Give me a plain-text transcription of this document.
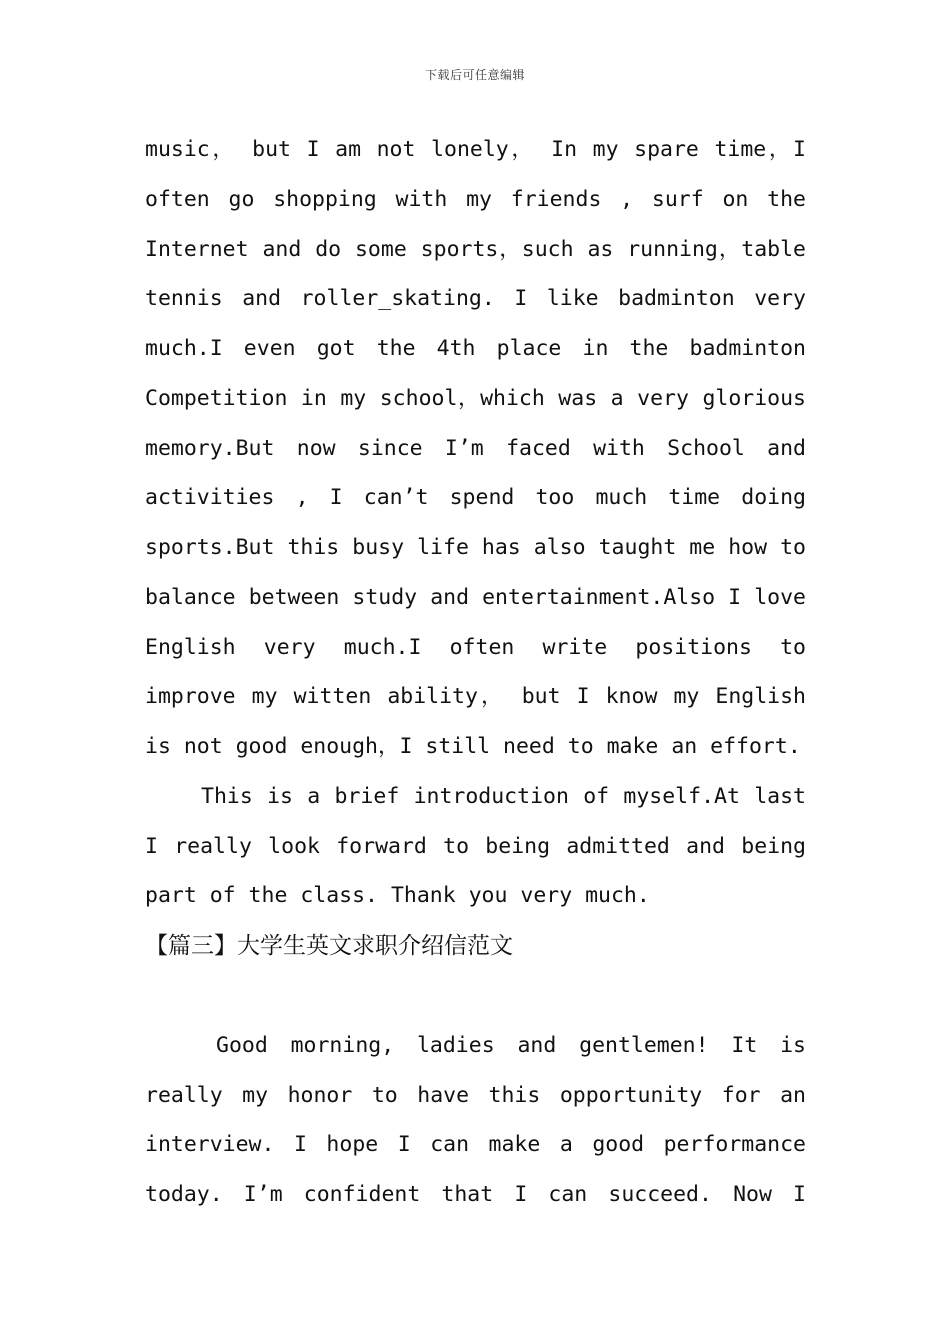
下载后可任意编辑
music， but I am not lonely， In my spare time，I
often go shopping with my friends , surf on the
Internet and do some sports，such as running，table
tennis and roller_skating. I like badminton very
much.I even got the 4th place in the badminton
Competition in my school，which was a very glorious
memory.But now since I’m faced with School and
activities , I can’t spend too much time doing
sports.But this busy life has also taught me how to
balance between study and entertainment.Also I love
English very much.I often write positions to
improve my witten ability， but I know my English
is not good enough，I still need to make an effort.
This is a brief introduction of myself.At last
I really look forward to being admitted and being
part of the class. Thank you very much.
【篇三】大学生英文求职介绍信范文
Good morning, ladies and gentlemen! It is
really my honor to have this opportunity for an
interview. I hope I can make a good performance
today. I’m confident that I can succeed. Now I
